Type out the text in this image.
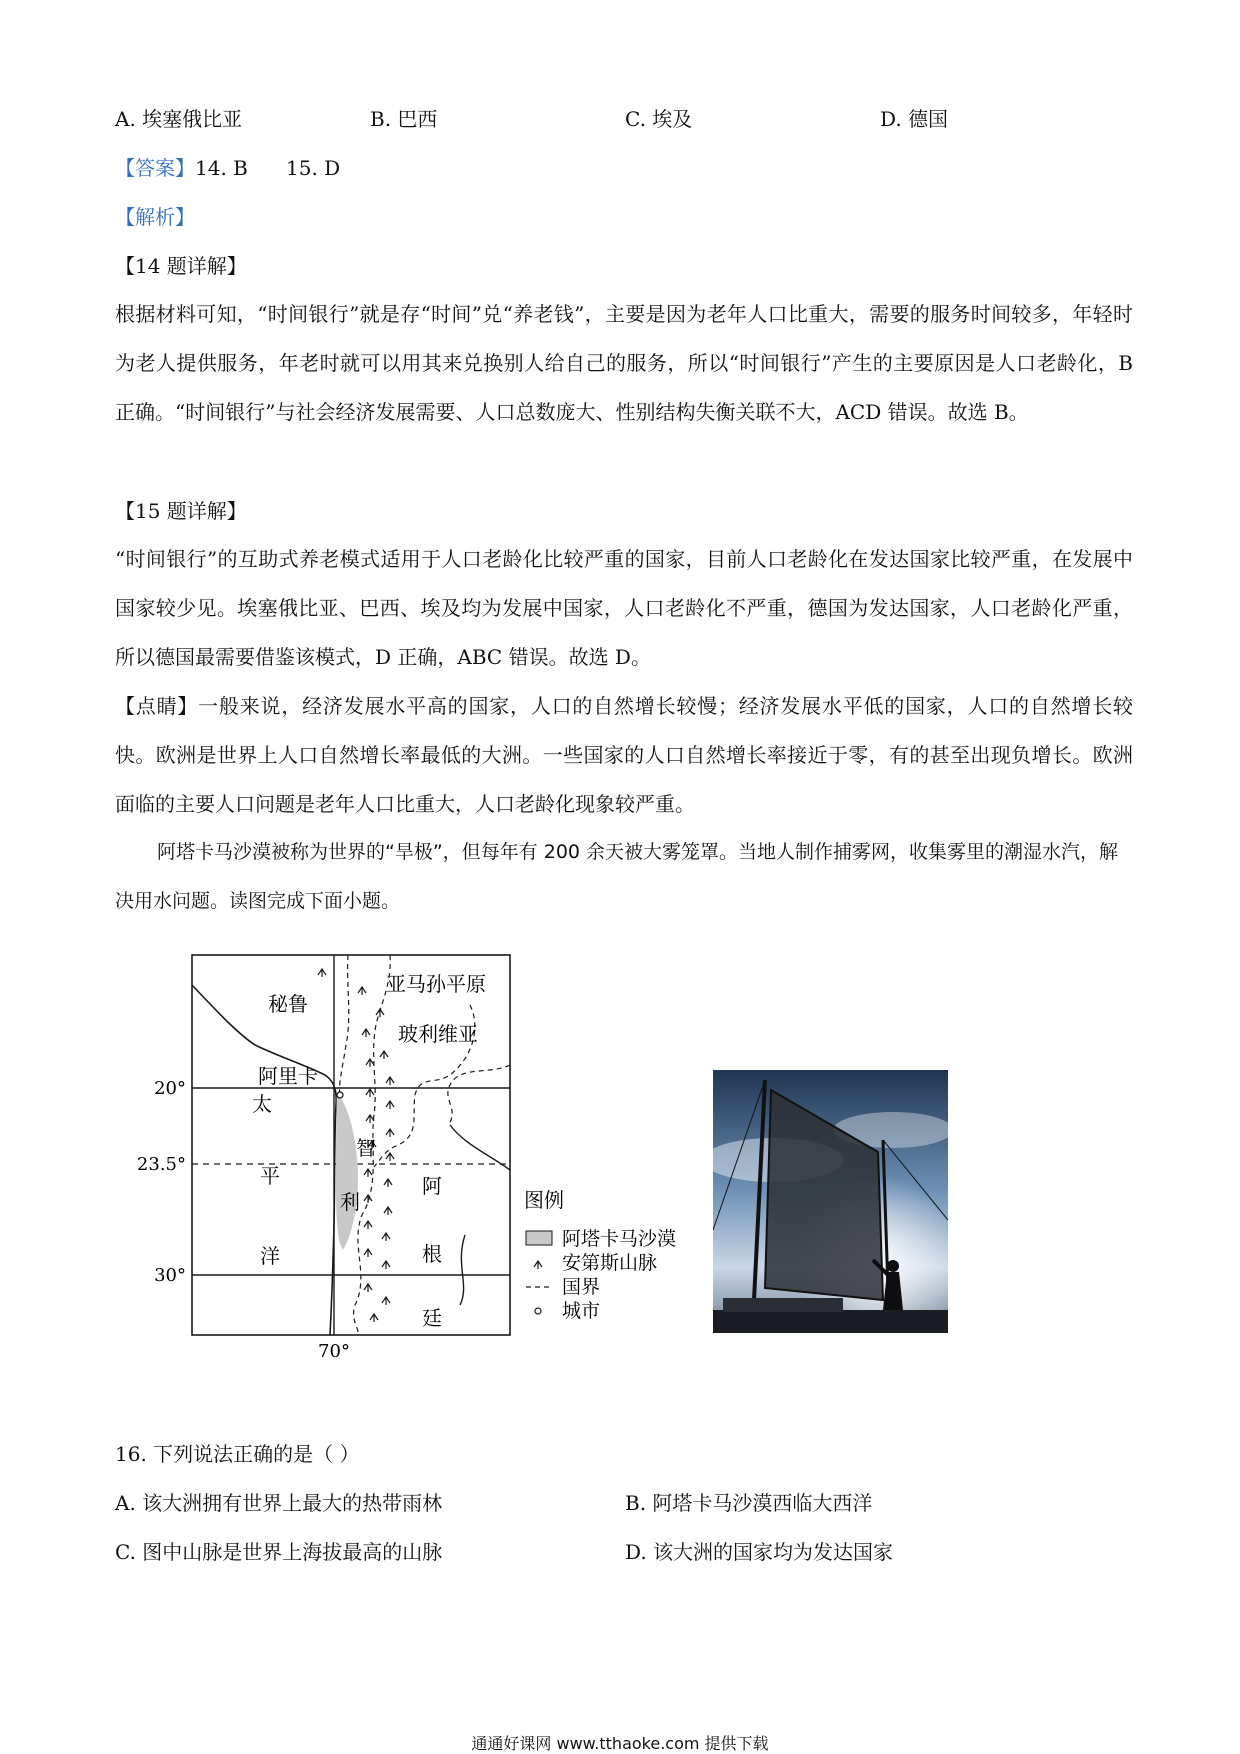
A. 埃塞俄比亚	B. 巴西	C. 埃及	D. 德国
【答案】14. B      15. D
【解析】
【14 题详解】
根据材料可知，“时间银行”就是存“时间”兑“养老钱”，主要是因为老年人口比重大，需要的服务时间较多，年轻时为老人提供服务，年老时就可以用其来兑换别人给自己的服务，所以“时间银行”产生的主要原因是人口老龄化，B 正确。“时间银行”与社会经济发展需要、人口总数庞大、性别结构失衡关联不大，ACD 错误。故选 B。
【15 题详解】
“时间银行”的互助式养老模式适用于人口老龄化比较严重的国家，目前人口老龄化在发达国家比较严重，在发展中国家较少见。埃塞俄比亚、巴西、埃及均为发展中国家，人口老龄化不严重，德国为发达国家，人口老龄化严重，所以德国最需要借鉴该模式，D 正确，ABC 错误。故选 D。
【点睛】一般来说，经济发展水平高的国家，人口的自然增长较慢；经济发展水平低的国家，人口的自然增长较快。欧洲是世界上人口自然增长率最低的大洲。一些国家的人口自然增长率接近于零，有的甚至出现负增长。欧洲面临的主要人口问题是老年人口比重大，人口老龄化现象较严重。
阿塔卡马沙漠被称为世界的“旱极”，但每年有 200 余天被大雾笼罩。当地人制作捕雾网，收集雾里的潮湿水汽，解决用水问题。读图完成下面小题。
秘鲁
亚马孙平原
玻利维亚
阿里卡
太
平
洋
智
利
阿
根
廷
20°
23.5°
30°
70°
图例
阿塔卡马沙漠
安第斯山脉
国界
城市
16. 下列说法正确的是（ ）
A. 该大洲拥有世界上最大的热带雨林	B. 阿塔卡马沙漠西临大西洋
C. 图中山脉是世界上海拔最高的山脉	D. 该大洲的国家均为发达国家
通通好课网 www.tthaoke.com 提供下载
